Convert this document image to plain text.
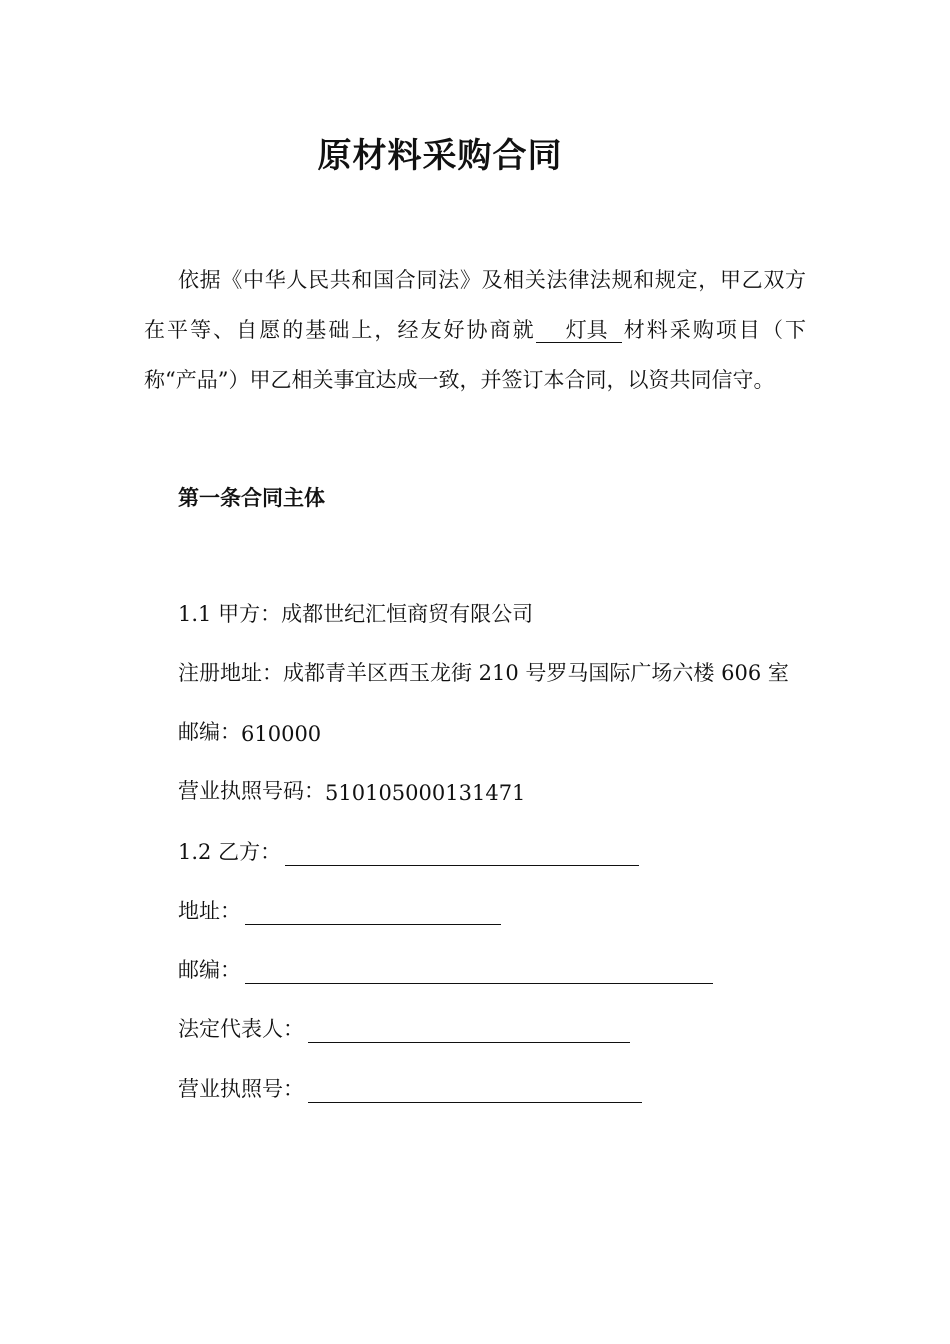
原材料采购合同

依据《中华人民共和国合同法》及相关法律法规和规定，甲乙双方在平等、自愿的基础上，经友好协商就 灯具 材料采购项目（下称“产品”）甲乙相关事宜达成一致，并签订本合同，以资共同信守。

第一条合同主体
1.1 甲方： 成都世纪汇恒商贸有限公司
注册地址： 成都青羊区西玉龙街 210 号罗马国际广场六楼 606 室
邮编： 610000
营业执照号码： 510105000131471
1.2 乙方：
地址：
邮编：
法定代表人：
营业执照号：
